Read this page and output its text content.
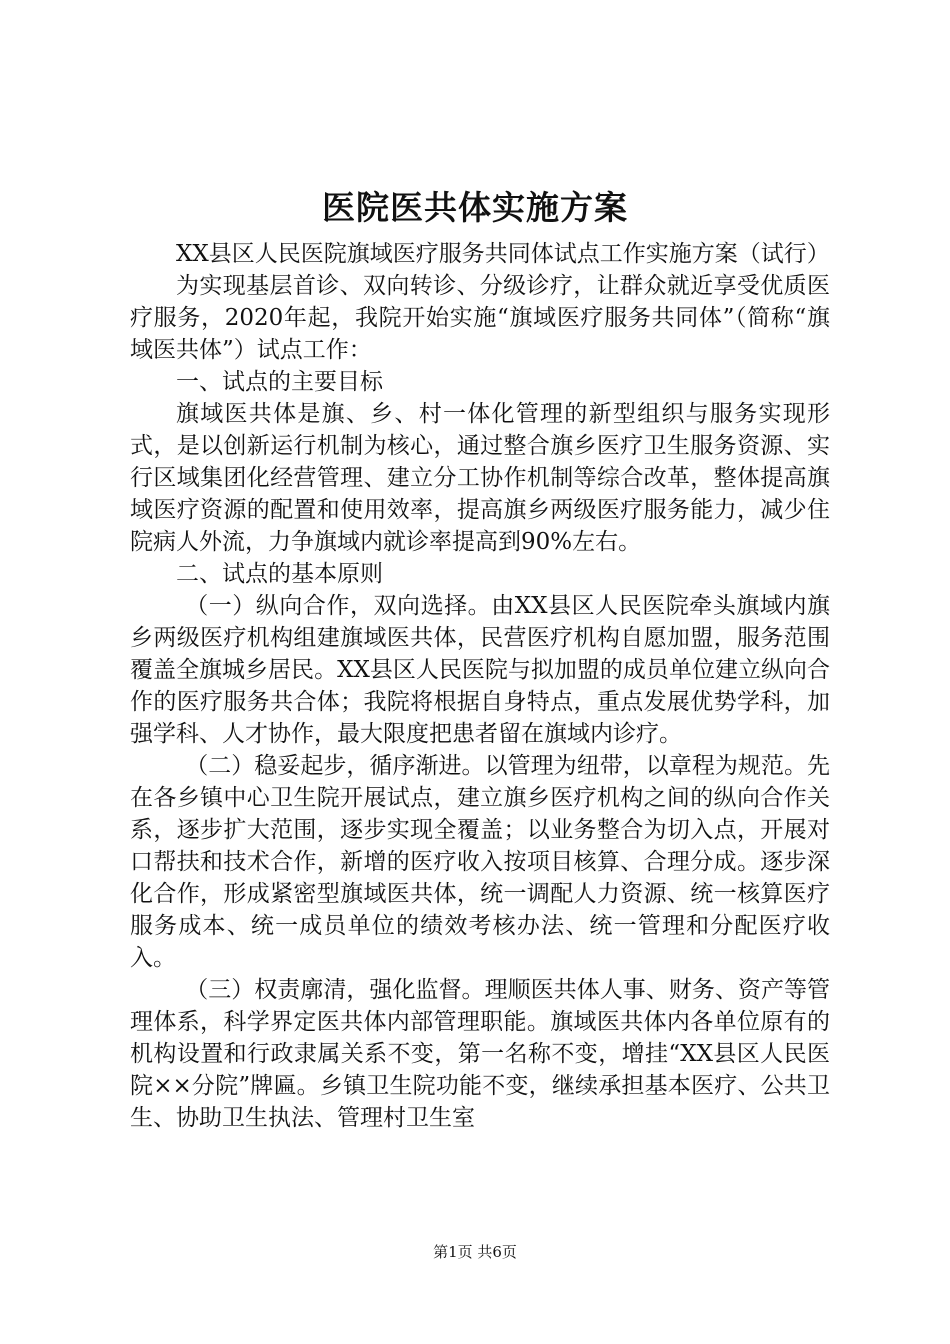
医院医共体实施方案

XX县区人民医院旗域医疗服务共同体试点工作实施方案（试行）

为实现基层首诊、双向转诊、分级诊疗，让群众就近享受优质医疗服务，2020年起，我院开始实施“旗域医疗服务共同体”（简称“旗域医共体”）试点工作：

一、试点的主要目标

旗域医共体是旗、乡、村一体化管理的新型组织与服务实现形式，是以创新运行机制为核心，通过整合旗乡医疗卫生服务资源、实行区域集团化经营管理、建立分工协作机制等综合改革，整体提高旗域医疗资源的配置和使用效率，提高旗乡两级医疗服务能力，减少住院病人外流，力争旗域内就诊率提高到90%左右。

二、试点的基本原则

（一）纵向合作，双向选择。由XX县区人民医院牵头旗域内旗乡两级医疗机构组建旗域医共体，民营医疗机构自愿加盟，服务范围覆盖全旗城乡居民。XX县区人民医院与拟加盟的成员单位建立纵向合作的医疗服务共合体；我院将根据自身特点，重点发展优势学科，加强学科、人才协作，最大限度把患者留在旗域内诊疗。

（二）稳妥起步，循序渐进。以管理为纽带，以章程为规范。先在各乡镇中心卫生院开展试点，建立旗乡医疗机构之间的纵向合作关系，逐步扩大范围，逐步实现全覆盖；以业务整合为切入点，开展对口帮扶和技术合作，新增的医疗收入按项目核算、合理分成。逐步深化合作，形成紧密型旗域医共体，统一调配人力资源、统一核算医疗服务成本、统一成员单位的绩效考核办法、统一管理和分配医疗收入。

（三）权责廓清，强化监督。理顺医共体人事、财务、资产等管理体系，科学界定医共体内部管理职能。旗域医共体内各单位原有的机构设置和行政隶属关系不变，第一名称不变，增挂“XX县区人民医院××分院”牌匾。乡镇卫生院功能不变，继续承担基本医疗、公共卫生、协助卫生执法、管理村卫生室

第1页 共6页
